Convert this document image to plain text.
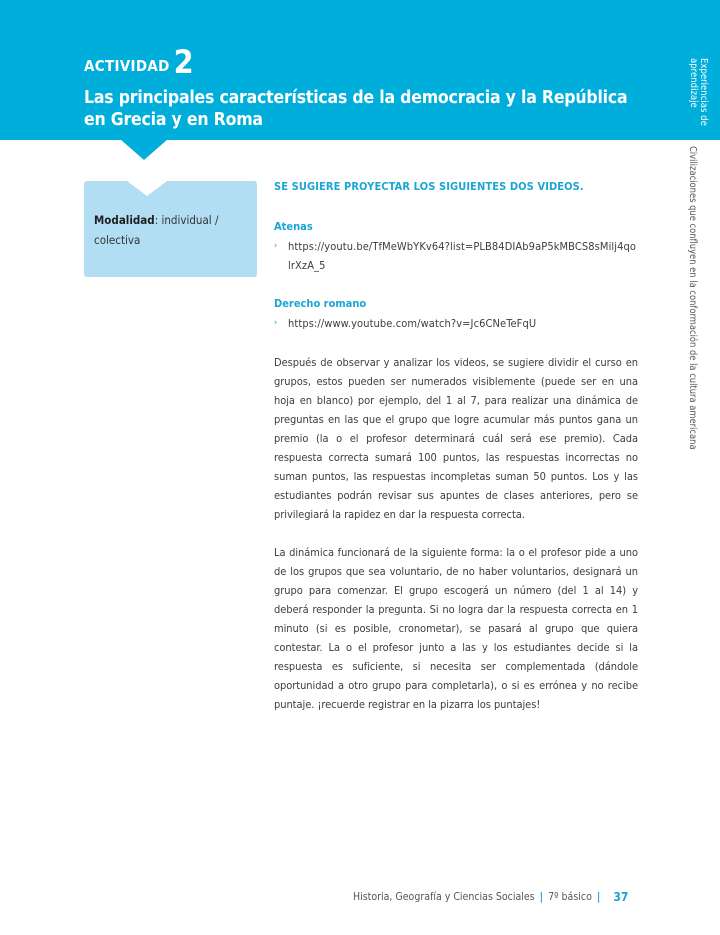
ACTIVIDAD 2
Las principales características de la democracia y la República en Grecia y en Roma	Experiencias de aprendizaje
Civilizaciones que confluyen en la conformación de la cultura americana
Modalidad: individual / colectiva

SE SUGIERE PROYECTAR LOS SIGUIENTES DOS VIDEOS.

Atenas

› https://youtu.be/TfMeWbYKv64?list=PLB84DIAb9aP5kMBCS8sMilj4qolrXzA_5

Derecho romano

› https://www.youtube.com/watch?v=Jc6CNeTeFqU

Después de observar y analizar los videos, se sugiere dividir el curso en grupos, estos pueden ser numerados visiblemente (puede ser en una hoja en blanco) por ejemplo, del 1 al 7, para realizar una dinámica de preguntas en las que el grupo que logre acumular más puntos gana un premio (la o el profesor determinará cuál será ese premio). Cada respuesta correcta sumará 100 puntos, las respuestas incorrectas no suman puntos, las respuestas incompletas suman 50 puntos. Los y las estudiantes podrán revisar sus apuntes de clases anteriores, pero se privilegiará la rapidez en dar la respuesta correcta.

La dinámica funcionará de la siguiente forma: la o el profesor pide a uno de los grupos que sea voluntario, de no haber voluntarios, designará un grupo para comenzar. El grupo escogerá un número (del 1 al 14) y deberá responder la pregunta. Si no logra dar la respuesta correcta en 1 minuto (si es posible, cronometar), se pasará al grupo que quiera contestar. La o el profesor junto a las y los estudiantes decide si la respuesta es suficiente, si necesita ser complementada (dándole oportunidad a otro grupo para completarla), o si es errónea y no recibe puntaje. ¡recuerde registrar en la pizarra los puntajes!

Historia, Geografía y Ciencias Sociales | 7º básico | 37
